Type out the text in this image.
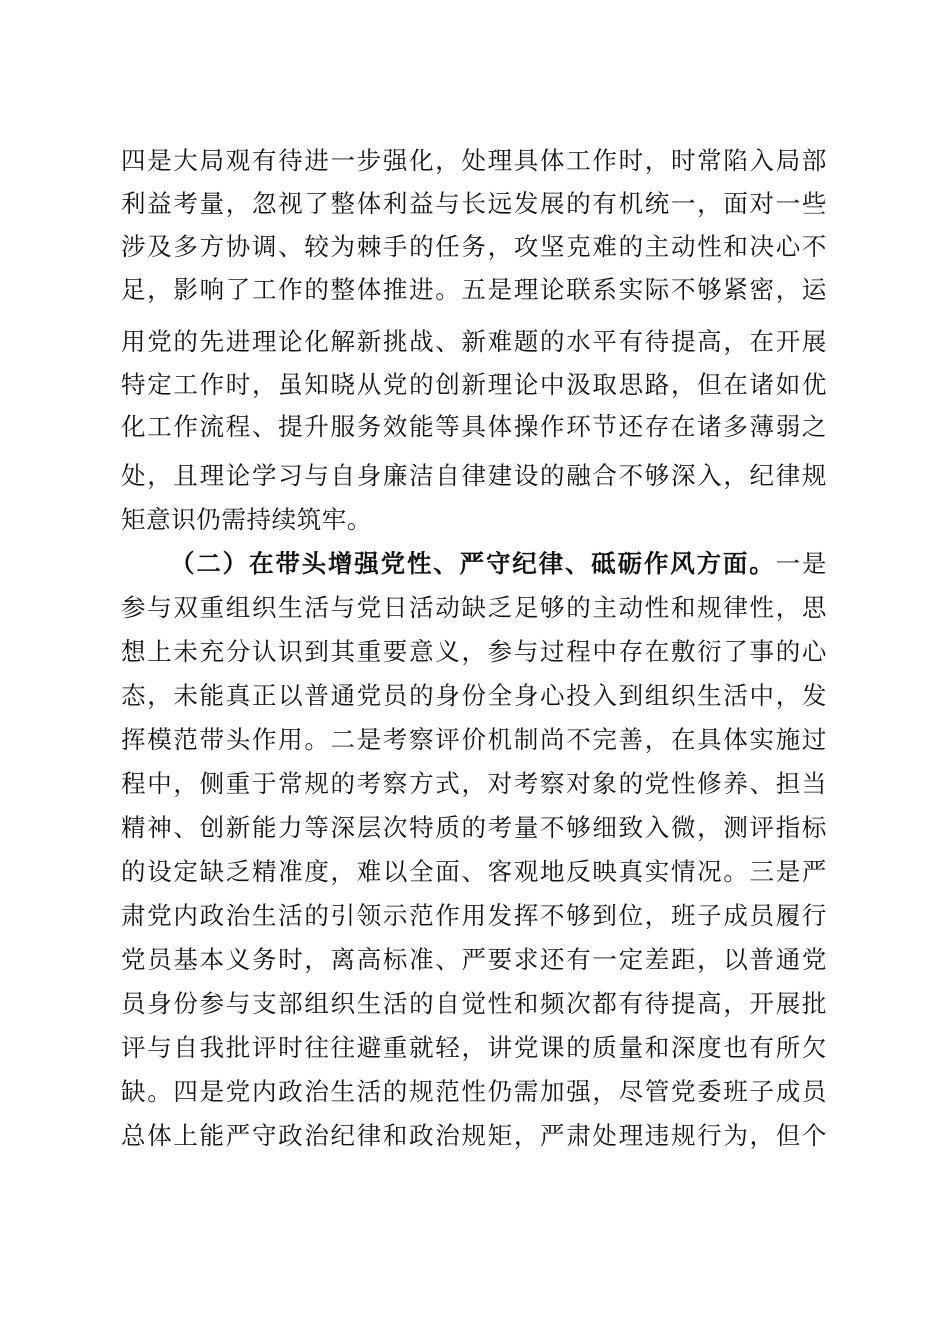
四是大局观有待进一步强化，处理具体工作时，时常陷入局部
利益考量，忽视了整体利益与长远发展的有机统一，面对一些
涉及多方协调、较为棘手的任务，攻坚克难的主动性和决心不
足，影响了工作的整体推进。五是理论联系实际不够紧密，运
用党的先进理论化解新挑战、新难题的水平有待提高，在开展
特定工作时，虽知晓从党的创新理论中汲取思路，但在诸如优
化工作流程、提升服务效能等具体操作环节还存在诸多薄弱之
处，且理论学习与自身廉洁自律建设的融合不够深入，纪律规
矩意识仍需持续筑牢。
（二）在带头增强党性、严守纪律、砥砺作风方面。一是
参与双重组织生活与党日活动缺乏足够的主动性和规律性，思
想上未充分认识到其重要意义，参与过程中存在敷衍了事的心
态，未能真正以普通党员的身份全身心投入到组织生活中，发
挥模范带头作用。二是考察评价机制尚不完善，在具体实施过
程中，侧重于常规的考察方式，对考察对象的党性修养、担当
精神、创新能力等深层次特质的考量不够细致入微，测评指标
的设定缺乏精准度，难以全面、客观地反映真实情况。三是严
肃党内政治生活的引领示范作用发挥不够到位，班子成员履行
党员基本义务时，离高标准、严要求还有一定差距，以普通党
员身份参与支部组织生活的自觉性和频次都有待提高，开展批
评与自我批评时往往避重就轻，讲党课的质量和深度也有所欠
缺。四是党内政治生活的规范性仍需加强，尽管党委班子成员
总体上能严守政治纪律和政治规矩，严肃处理违规行为，但个
